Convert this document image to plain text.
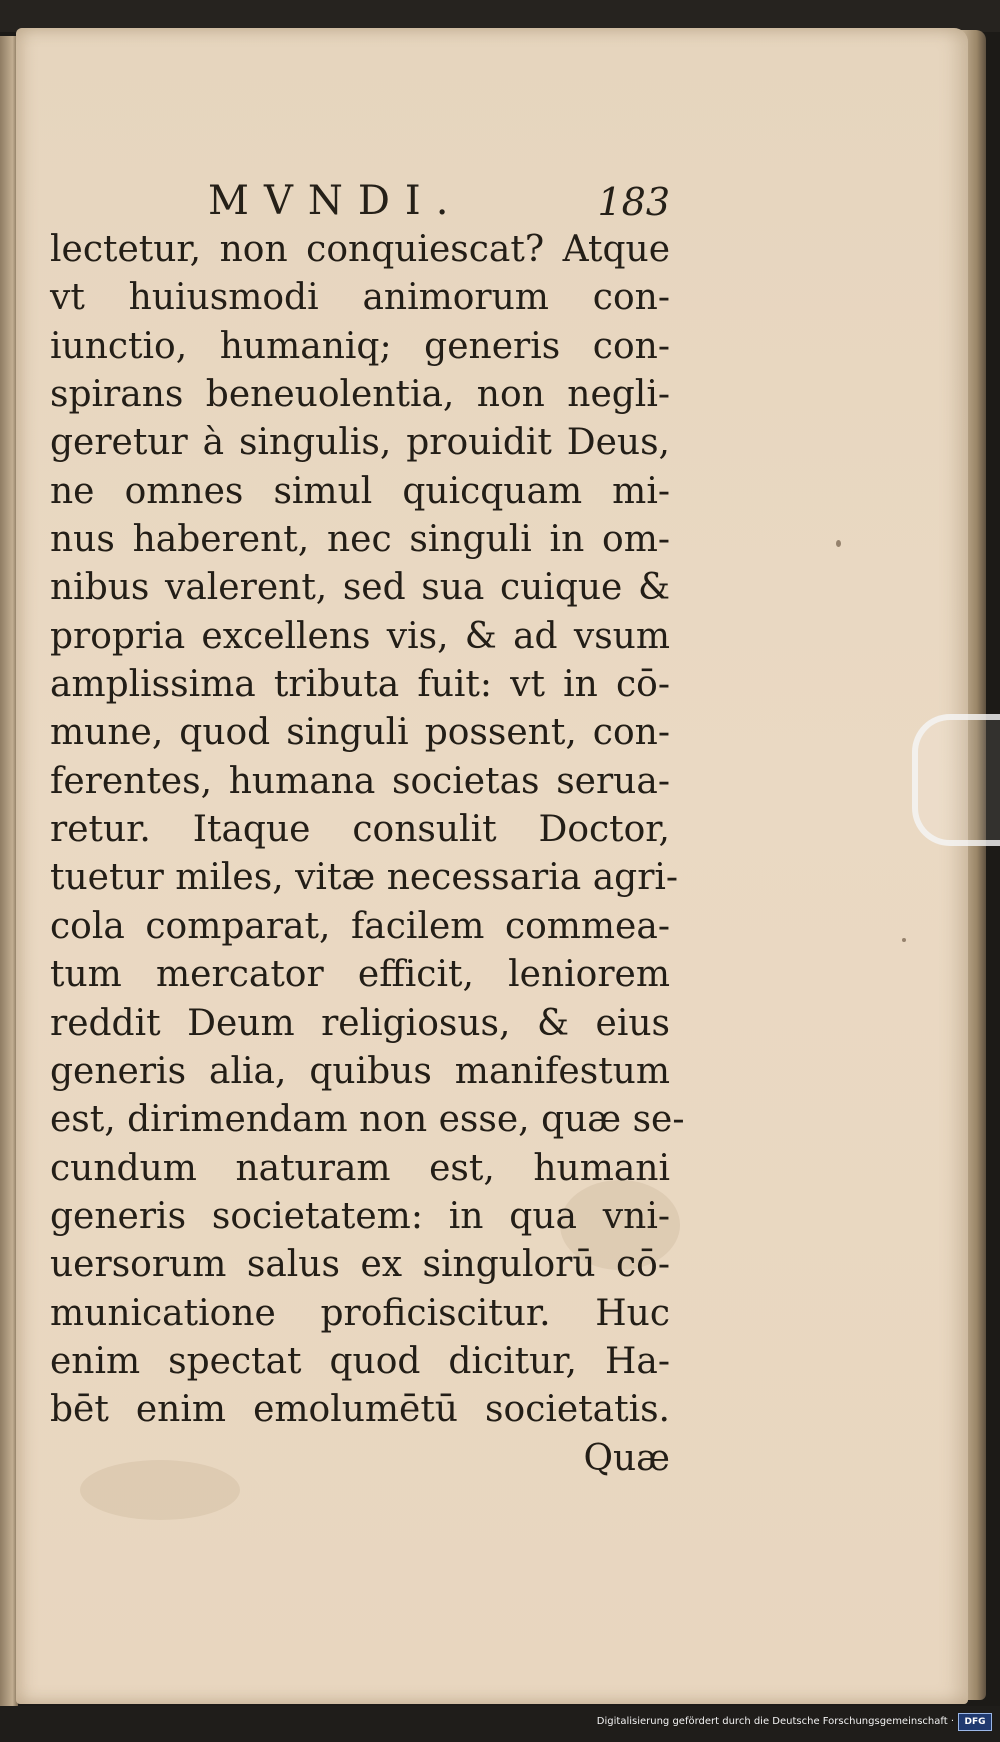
MVNDI.	183
lectetur, non conquiescat? Atque
vt huiusmodi animorum con-
iunctio, humaniq; generis con-
spirans beneuolentia, non negli-
geretur à singulis, prouidit Deus,
ne omnes simul quicquam mi-
nus haberent, nec singuli in om-
nibus valerent, sed sua cuique &
propria excellens vis, & ad vsum
amplissima tributa fuit: vt in cō-
mune, quod singuli possent, con-
ferentes, humana societas serua-
retur. Itaque consulit Doctor,
tuetur miles, vitæ necessaria agri-
cola comparat, facilem commea-
tum mercator efficit, leniorem
reddit Deum religiosus, & eius
generis alia, quibus manifestum
est, dirimendam non esse, quæ se-
cundum naturam est, humani
generis societatem: in qua vni-
uersorum salus ex singulorū cō-
municatione proficiscitur. Huc
enim spectat quod dicitur, Ha-
bēt enim emolumētū societatis.
Quæ
Digitalisierung gefördert durch die Deutsche Forschungsgemeinschaft ·	DFG
